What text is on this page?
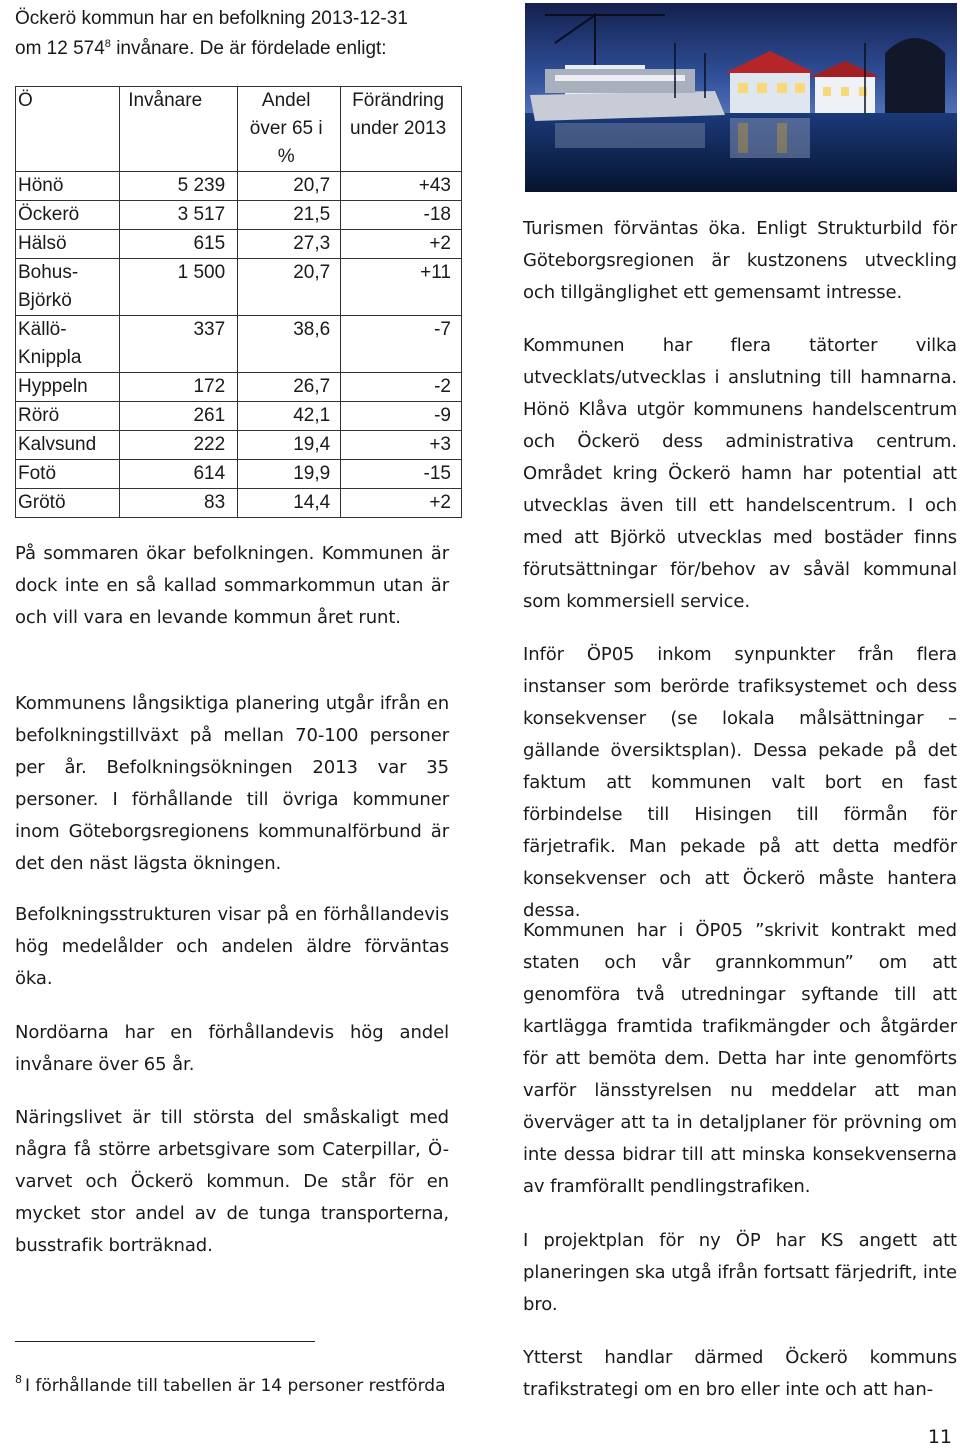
Öckerö kommun har en befolkning 2013-12-31
om 12 $574^8$ invånare. De är fördelade enligt:

Ö	Invånare	Andel över 65 i %	Förändring under 2013
Hönö	5 239	20,7	+43
Öckerö	3 517	21,5	-18
Hälsö	615	27,3	+2
Bohus-Björkö	1 500	20,7	+11
Källö-Knippla	337	38,6	-7
Hyppeln	172	26,7	-2
Rörö	261	42,1	-9
Kalvsund	222	19,4	+3
Fotö	614	19,9	-15
Grötö	83	14,4	+2

På sommaren ökar befolkningen. Kommunen är dock inte en så kallad sommarkommun utan är och vill vara en levande kommun året runt.

Kommunens långsiktiga planering utgår ifrån en befolkningstillväxt på mellan 70-100 personer per år. Befolkningsökningen 2013 var 35 personer. I förhållande till övriga kommuner inom Göteborgsregionens kommunalförbund är det den näst lägsta ökningen.

Befolkningsstrukturen visar på en förhållandevis hög medelålder och andelen äldre förväntas öka.

Nordöarna har en förhållandevis hög andel invånare över 65 år.

Näringslivet är till största del småskaligt med några få större arbetsgivare som Caterpillar, Ö-varvet och Öckerö kommun. De står för en mycket stor andel av de tunga transporterna, busstrafik borträknad.

$^8$ I förhållande till tabellen är 14 personer restförda

Turismen förväntas öka. Enligt Strukturbild för Göteborgsregionen är kustzonens utveckling och tillgänglighet ett gemensamt intresse.

Kommunen har flera tätorter vilka utvecklats/utvecklas i anslutning till hamnarna. Hönö Klåva utgör kommunens handelscentrum och Öckerö dess administrativa centrum. Området kring Öckerö hamn har potential att utvecklas även till ett handelscentrum. I och med att Björkö utvecklas med bostäder finns förutsättningar för/behov av såväl kommunal som kommersiell service.

Inför ÖP05 inkom synpunkter från flera instanser som berörde trafiksystemet och dess konsekvenser (se lokala målsättningar – gällande översiktsplan). Dessa pekade på det faktum att kommunen valt bort en fast förbindelse till Hisingen till förmån för färjetrafik. Man pekade på att detta medför konsekvenser och att Öckerö måste hantera dessa.

Kommunen har i ÖP05 ”skrivit kontrakt med staten och vår grannkommun” om att genomföra två utredningar syftande till att kartlägga framtida trafikmängder och åtgärder för att bemöta dem. Detta har inte genomförts varför länsstyrelsen nu meddelar att man överväger att ta in detaljplaner för prövning om inte dessa bidrar till att minska konsekvenserna av framförallt pendlingstrafiken.

I projektplan för ny ÖP har KS angett att planeringen ska utgå ifrån fortsatt färjedrift, inte bro.

Ytterst handlar därmed Öckerö kommuns trafikstrategi om en bro eller inte och att han-

11
